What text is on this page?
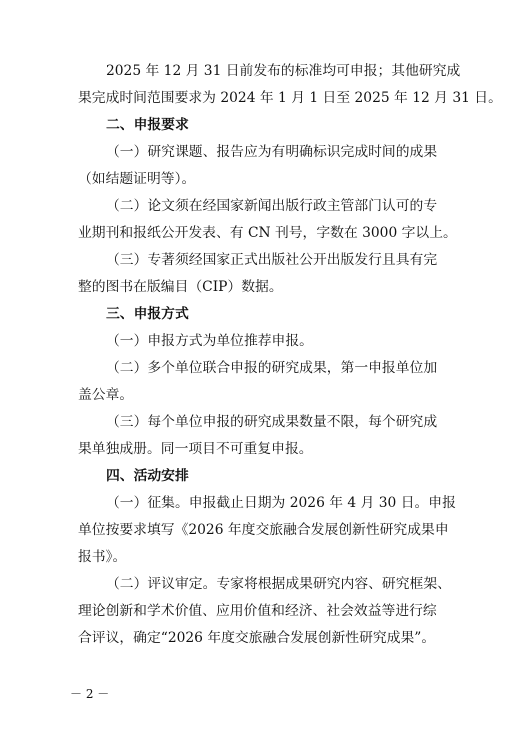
2025 年 12 月 31 日前发布的标准均可申报；其他研究成
果完成时间范围要求为 2024 年 1 月 1 日至 2025 年 12 月 31 日。
二、申报要求
（一）研究课题、报告应为有明确标识完成时间的成果
（如结题证明等）。
（二）论文须在经国家新闻出版行政主管部门认可的专
业期刊和报纸公开发表、有 CN 刊号，字数在 3000 字以上。
（三）专著须经国家正式出版社公开出版发行且具有完
整的图书在版编目（CIP）数据。
三、申报方式
（一）申报方式为单位推荐申报。
（二）多个单位联合申报的研究成果，第一申报单位加
盖公章。
（三）每个单位申报的研究成果数量不限，每个研究成
果单独成册。同一项目不可重复申报。
四、活动安排
（一）征集。申报截止日期为 2026 年 4 月 30 日。申报
单位按要求填写《2026 年度交旅融合发展创新性研究成果申
报书》。
（二）评议审定。专家将根据成果研究内容、研究框架、
理论创新和学术价值、应用价值和经济、社会效益等进行综
合评议，确定“2026 年度交旅融合发展创新性研究成果”。
－ 2 －
